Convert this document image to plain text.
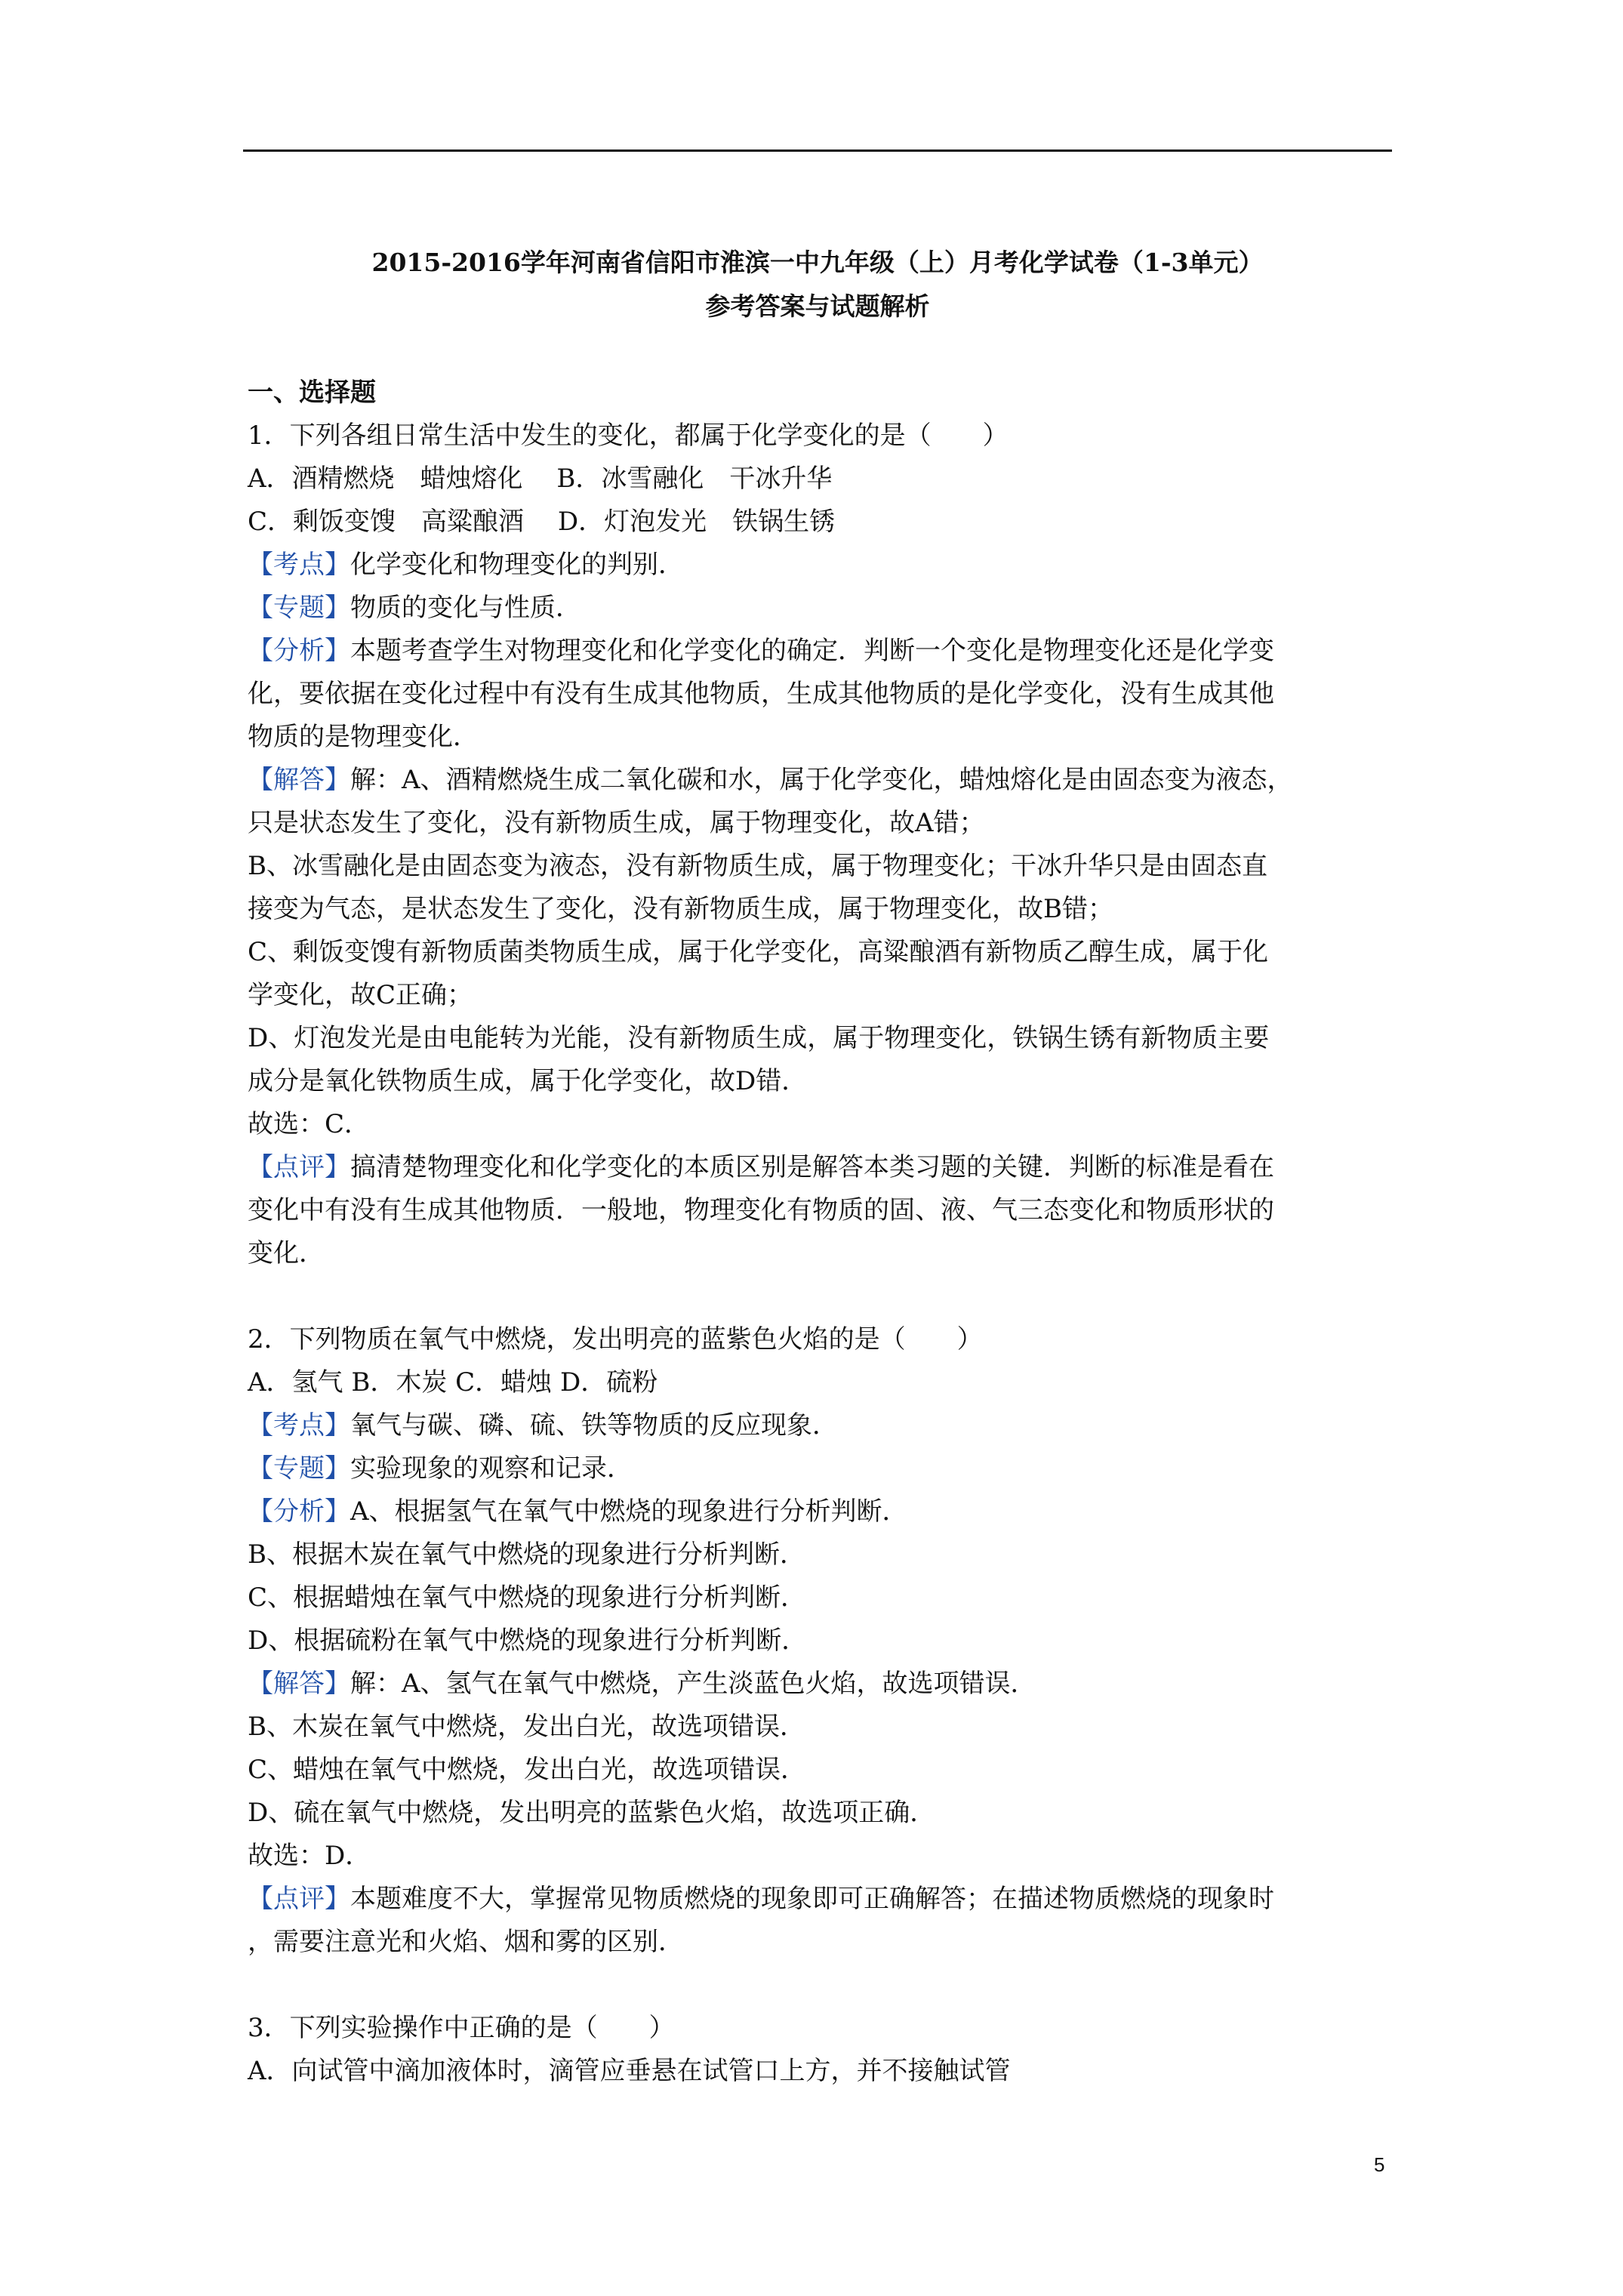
2015-2016学年河南省信阳市淮滨一中九年级（上）月考化学试卷（1-3单元）
参考答案与试题解析
一、选择题
1．下列各组日常生活中发生的变化，都属于化学变化的是（　　）
A．酒精燃烧　蜡烛熔化　 B．冰雪融化　干冰升华
C．剩饭变馊　高粱酿酒　 D．灯泡发光　铁锅生锈
【考点】化学变化和物理变化的判别．
【专题】物质的变化与性质．
【分析】本题考查学生对物理变化和化学变化的确定．判断一个变化是物理变化还是化学变
化，要依据在变化过程中有没有生成其他物质，生成其他物质的是化学变化，没有生成其他
物质的是物理变化．
【解答】解：A、酒精燃烧生成二氧化碳和水，属于化学变化，蜡烛熔化是由固态变为液态，
只是状态发生了变化，没有新物质生成，属于物理变化，故A错；
B、冰雪融化是由固态变为液态，没有新物质生成，属于物理变化；干冰升华只是由固态直
接变为气态，是状态发生了变化，没有新物质生成，属于物理变化，故B错；
C、剩饭变馊有新物质菌类物质生成，属于化学变化，高粱酿酒有新物质乙醇生成，属于化
学变化，故C正确；
D、灯泡发光是由电能转为光能，没有新物质生成，属于物理变化，铁锅生锈有新物质主要
成分是氧化铁物质生成，属于化学变化，故D错．
故选：C．
【点评】搞清楚物理变化和化学变化的本质区别是解答本类习题的关键．判断的标准是看在
变化中有没有生成其他物质．一般地，物理变化有物质的固、液、气三态变化和物质形状的
变化．
2．下列物质在氧气中燃烧，发出明亮的蓝紫色火焰的是（　　）
A．氢气 B．木炭 C．蜡烛 D．硫粉
【考点】氧气与碳、磷、硫、铁等物质的反应现象．
【专题】实验现象的观察和记录．
【分析】A、根据氢气在氧气中燃烧的现象进行分析判断．
B、根据木炭在氧气中燃烧的现象进行分析判断．
C、根据蜡烛在氧气中燃烧的现象进行分析判断．
D、根据硫粉在氧气中燃烧的现象进行分析判断．
【解答】解：A、氢气在氧气中燃烧，产生淡蓝色火焰，故选项错误．
B、木炭在氧气中燃烧，发出白光，故选项错误．
C、蜡烛在氧气中燃烧，发出白光，故选项错误．
D、硫在氧气中燃烧，发出明亮的蓝紫色火焰，故选项正确．
故选：D．
【点评】本题难度不大，掌握常见物质燃烧的现象即可正确解答；在描述物质燃烧的现象时
，需要注意光和火焰、烟和雾的区别．
3．下列实验操作中正确的是（　　）
A．向试管中滴加液体时，滴管应垂悬在试管口上方，并不接触试管
5
